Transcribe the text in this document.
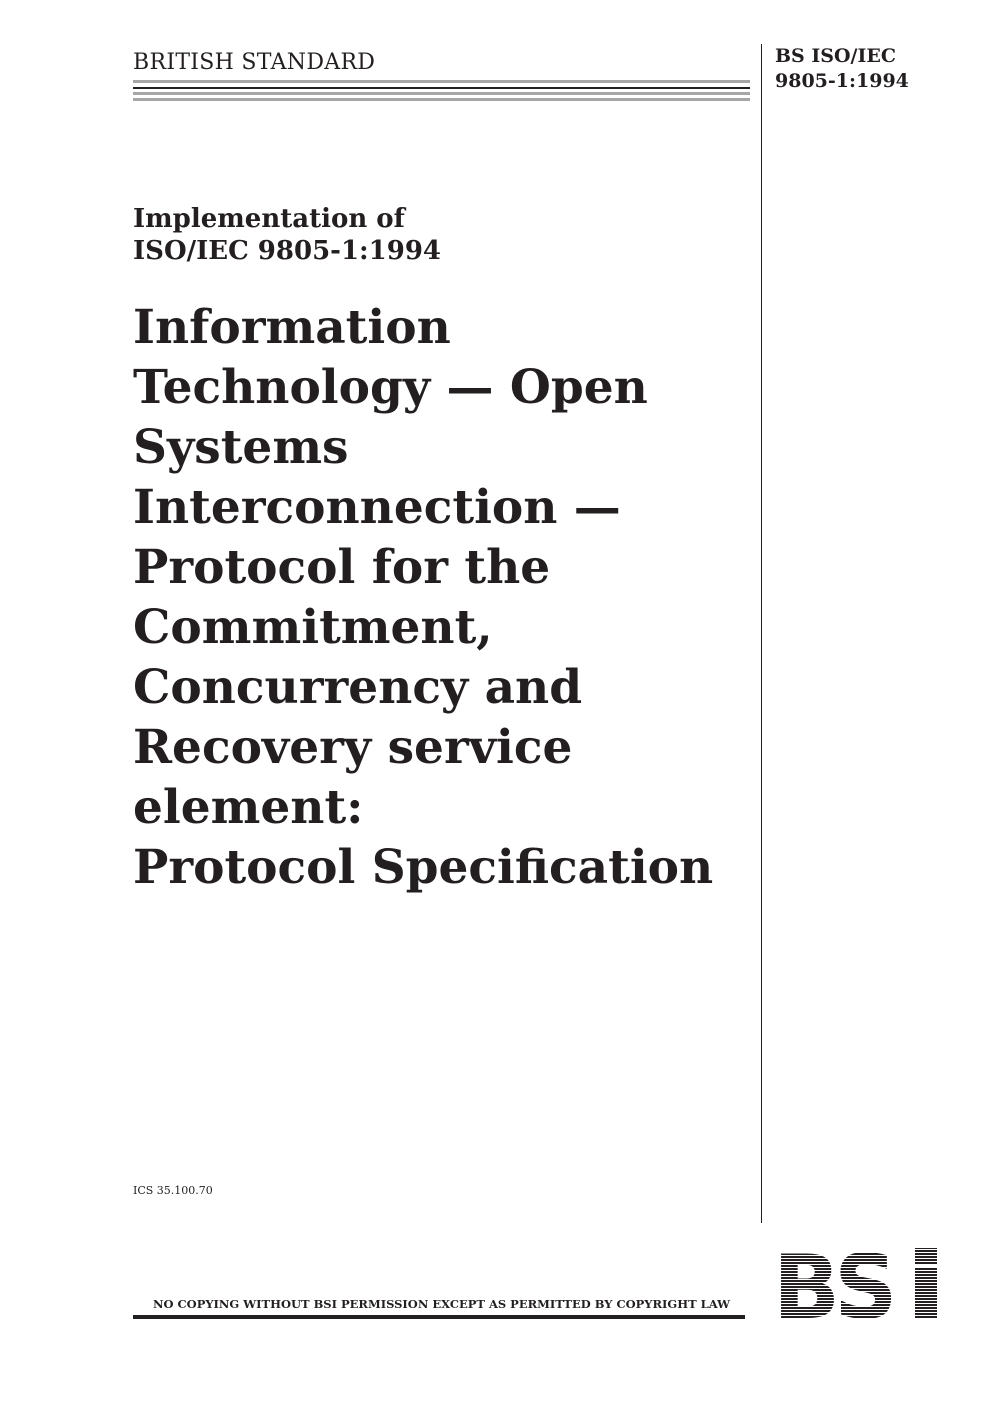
BRITISH STANDARD	BS ISO/IEC
9805-1:1994
Implementation of
ISO/IEC 9805-1:1994
Information
Technology — Open
Systems
Interconnection —
Protocol for the
Commitment,
Concurrency and
Recovery service
element:
Protocol Specification
ICS 35.100.70
NO COPYING WITHOUT BSI PERMISSION EXCEPT AS PERMITTED BY COPYRIGHT LAW
